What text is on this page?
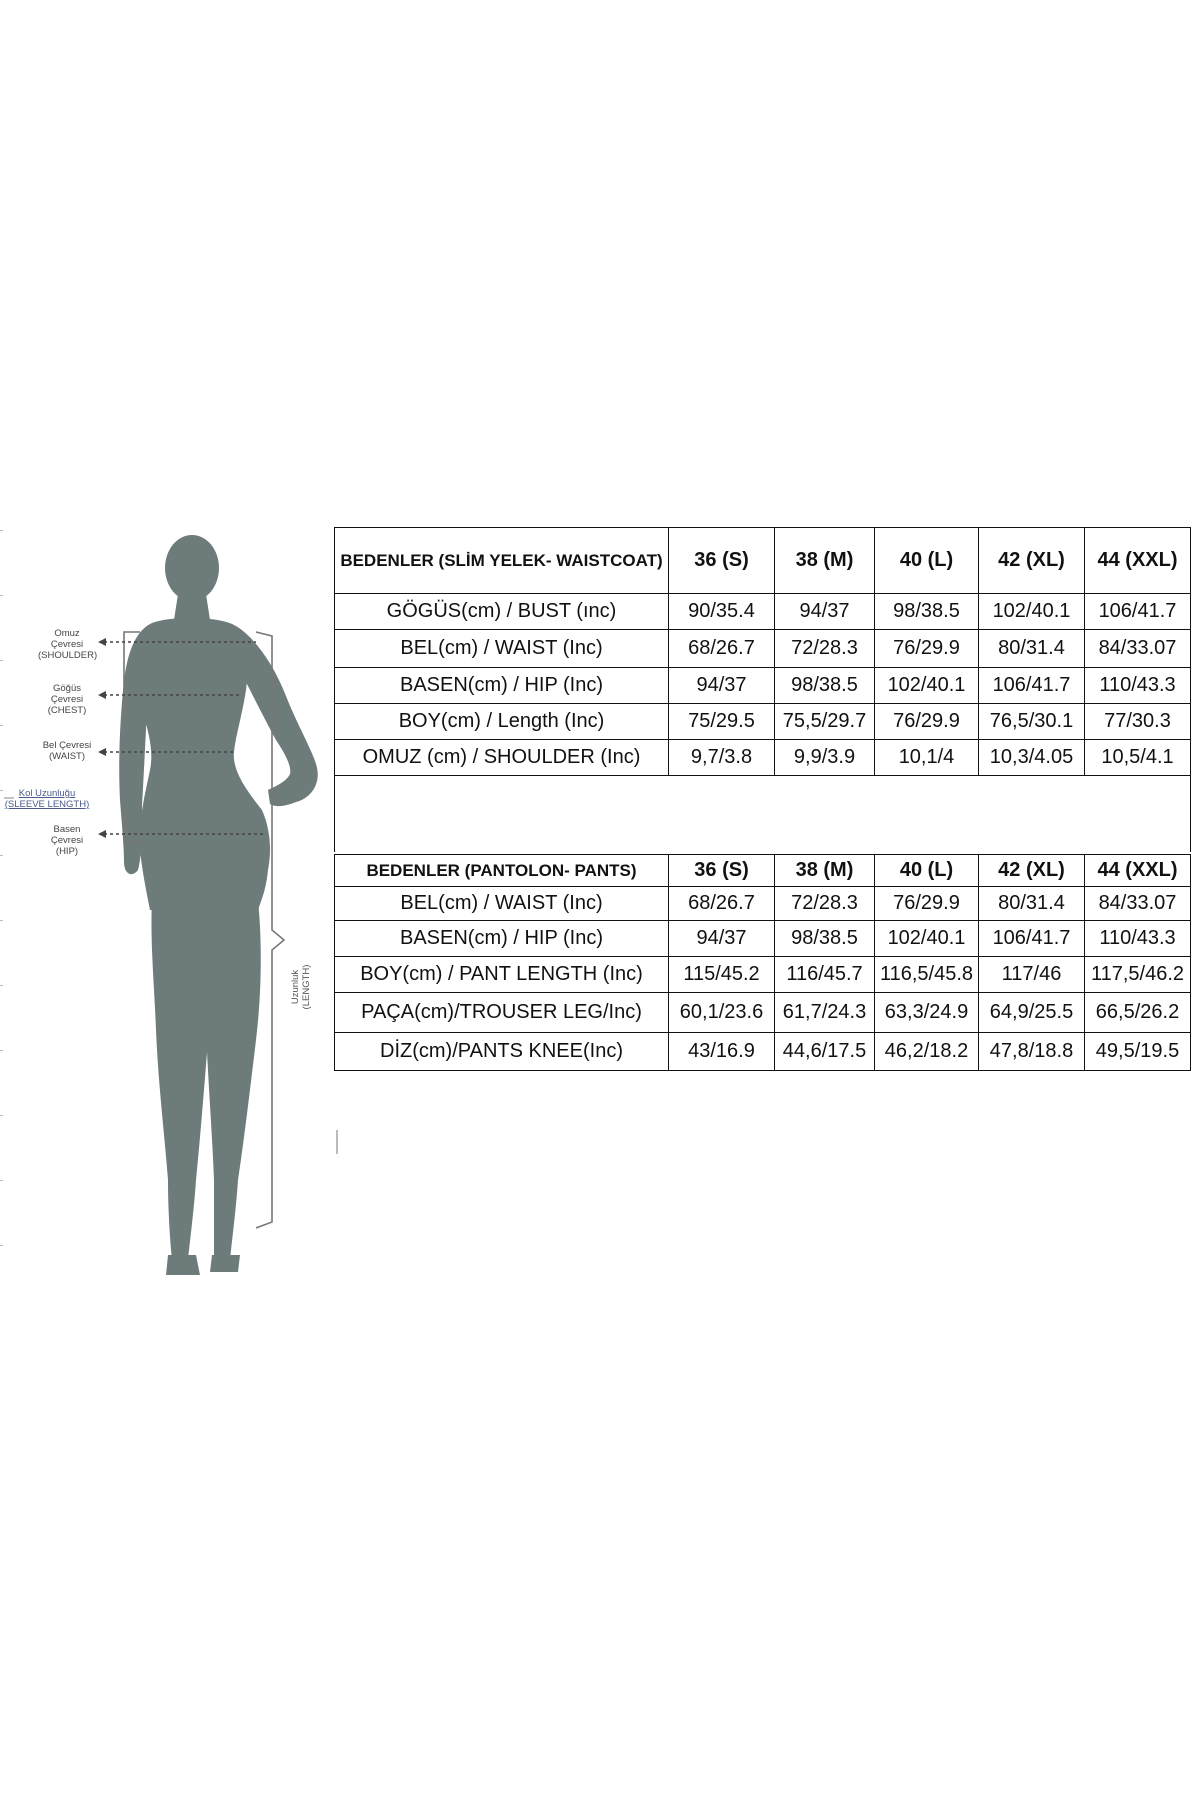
Omuz Çevresi
(SHOULDER)
Göğüs Çevresi
(CHEST)
Bel Çevresi
(WAIST)
Kol Uzunluğu
(SLEEVE LENGTH)
Basen Çevresi
(HIP)
Uzunluk (LENGTH)
BEDENLER (SLİM YELEK- WAISTCOAT)	36 (S)	38 (M)	40 (L)	42 (XL)	44 (XXL)
GÖGÜS(cm) / BUST (ınc)	90/35.4	94/37	98/38.5	102/40.1	106/41.7
BEL(cm) / WAIST (Inc)	68/26.7	72/28.3	76/29.9	80/31.4	84/33.07
BASEN(cm) / HIP (Inc)	94/37	98/38.5	102/40.1	106/41.7	110/43.3
BOY(cm) / Length (Inc)	75/29.5	75,5/29.7	76/29.9	76,5/30.1	77/30.3
OMUZ (cm) / SHOULDER (Inc)	9,7/3.8	9,9/3.9	10,1/4	10,3/4.05	10,5/4.1

BEDENLER (PANTOLON- PANTS)	36 (S)	38 (M)	40 (L)	42 (XL)	44 (XXL)
BEL(cm) / WAIST (Inc)	68/26.7	72/28.3	76/29.9	80/31.4	84/33.07
BASEN(cm) / HIP (Inc)	94/37	98/38.5	102/40.1	106/41.7	110/43.3
BOY(cm) / PANT LENGTH (Inc)	115/45.2	116/45.7	116,5/45.8	117/46	117,5/46.2
PAÇA(cm)/TROUSER LEG/Inc)	60,1/23.6	61,7/24.3	63,3/24.9	64,9/25.5	66,5/26.2
DİZ(cm)/PANTS KNEE(Inc)	43/16.9	44,6/17.5	46,2/18.2	47,8/18.8	49,5/19.5
